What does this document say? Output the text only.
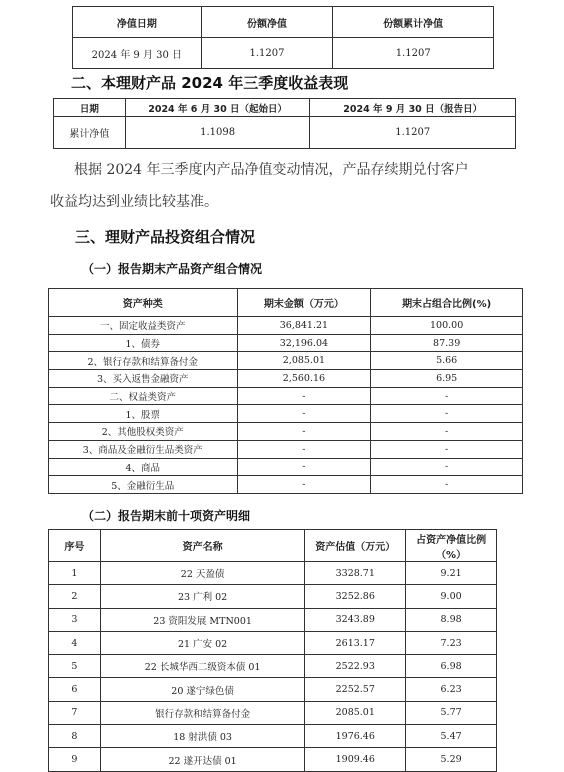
净值日期	份额净值	份额累计净值
2024 年 9 月 30 日	1.1207	1.1207
二、本理财产品 2024 年三季度收益表现
日期	2024 年 6 月 30 日（起始日）	2024 年 9 月 30 日（报告日）
累计净值	1.1098	1.1207
根据 2024 年三季度内产品净值变动情况，产品存续期兑付客户
收益均达到业绩比较基准。
三、理财产品投资组合情况
（一）报告期末产品资产组合情况
资产种类	期末金额（万元）	期末占组合比例(%)
一、固定收益类资产	36,841.21	100.00
1、债券	32,196.04	87.39
2、银行存款和结算备付金	2,085.01	5.66
3、买入返售金融资产	2,560.16	6.95
二、权益类资产	-	-
1、股票	-	-
2、其他股权类资产	-	-
3、商品及金融衍生品类资产	-	-
4、商品	-	-
5、金融衍生品	-	-
（二）报告期末前十项资产明细
序号	资产名称	资产估值（万元）	占资产净值比例（%）
1	22 天盈债	3328.71	9.21
2	23 广利 02	3252.86	9.00
3	23 资阳发展 MTN001	3243.89	8.98
4	21 广安 02	2613.17	7.23
5	22 长城华西二级资本债 01	2522.93	6.98
6	20 遂宁绿色债	2252.57	6.23
7	银行存款和结算备付金	2085.01	5.77
8	18 射洪债 03	1976.46	5.47
9	22 遂开达债 01	1909.46	5.29
